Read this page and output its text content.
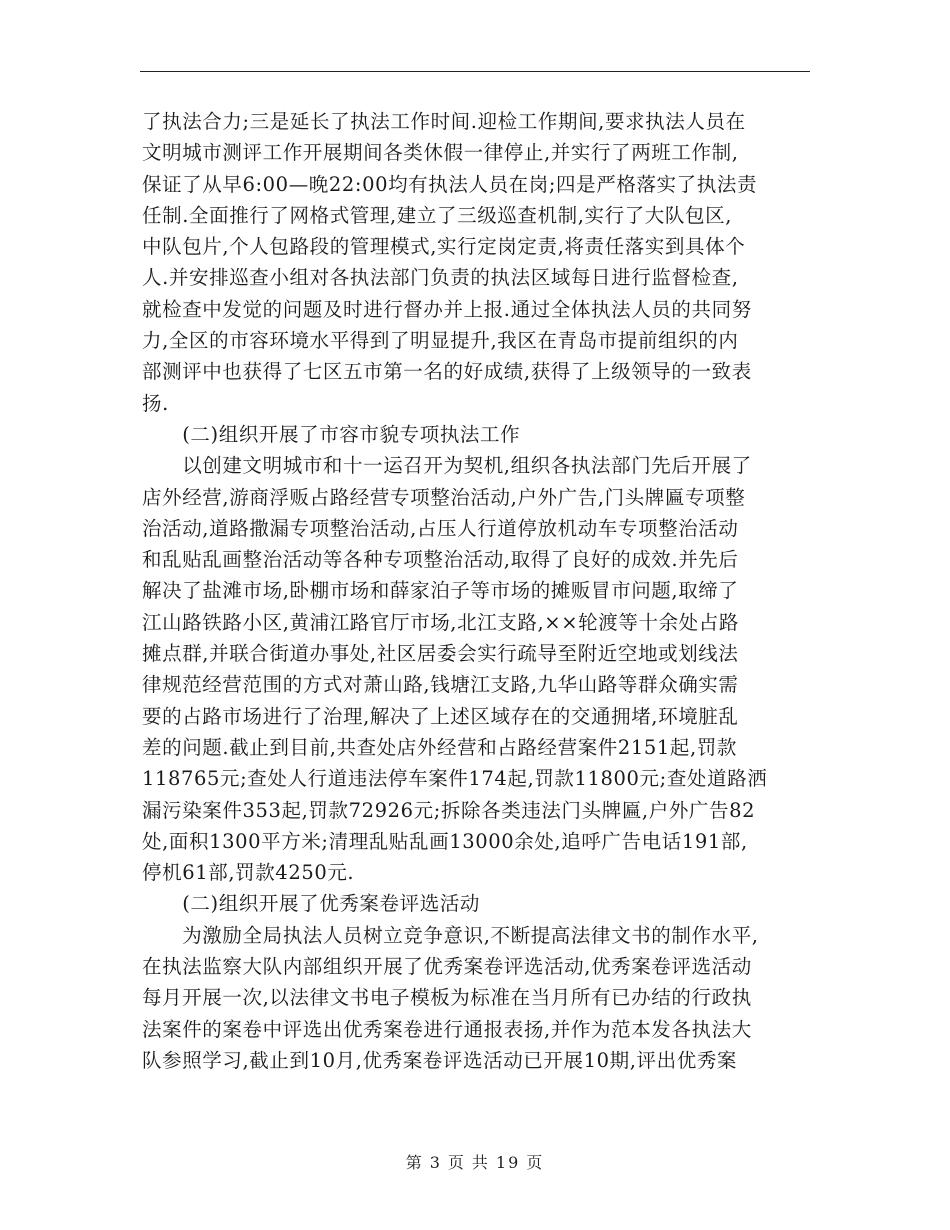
了执法合力;三是延长了执法工作时间.迎检工作期间,要求执法人员在
文明城市测评工作开展期间各类休假一律停止,并实行了两班工作制,
保证了从早6:00—晚22:00均有执法人员在岗;四是严格落实了执法责
任制.全面推行了网格式管理,建立了三级巡查机制,实行了大队包区,
中队包片,个人包路段的管理模式,实行定岗定责,将责任落实到具体个
人.并安排巡查小组对各执法部门负责的执法区域每日进行监督检查,
就检查中发觉的问题及时进行督办并上报.通过全体执法人员的共同努
力,全区的市容环境水平得到了明显提升,我区在青岛市提前组织的内
部测评中也获得了七区五市第一名的好成绩,获得了上级领导的一致表
扬.
　　(二)组织开展了市容市貌专项执法工作
　　以创建文明城市和十一运召开为契机,组织各执法部门先后开展了
店外经营,游商浮贩占路经营专项整治活动,户外广告,门头牌匾专项整
治活动,道路撒漏专项整治活动,占压人行道停放机动车专项整治活动
和乱贴乱画整治活动等各种专项整治活动,取得了良好的成效.并先后
解决了盐滩市场,卧棚市场和薛家泊子等市场的摊贩冒市问题,取缔了
江山路铁路小区,黄浦江路官厅市场,北江支路,××轮渡等十余处占路
摊点群,并联合街道办事处,社区居委会实行疏导至附近空地或划线法
律规范经营范围的方式对萧山路,钱塘江支路,九华山路等群众确实需
要的占路市场进行了治理,解决了上述区域存在的交通拥堵,环境脏乱
差的问题.截止到目前,共查处店外经营和占路经营案件2151起,罚款
118765元;查处人行道违法停车案件174起,罚款11800元;查处道路洒
漏污染案件353起,罚款72926元;拆除各类违法门头牌匾,户外广告82
处,面积1300平方米;清理乱贴乱画13000余处,追呼广告电话191部,
停机61部,罚款4250元.
　　(二)组织开展了优秀案卷评选活动
　　为激励全局执法人员树立竞争意识,不断提高法律文书的制作水平,
在执法监察大队内部组织开展了优秀案卷评选活动,优秀案卷评选活动
每月开展一次,以法律文书电子模板为标准在当月所有已办结的行政执
法案件的案卷中评选出优秀案卷进行通报表扬,并作为范本发各执法大
队参照学习,截止到10月,优秀案卷评选活动已开展10期,评出优秀案
第 3 页 共 19 页
